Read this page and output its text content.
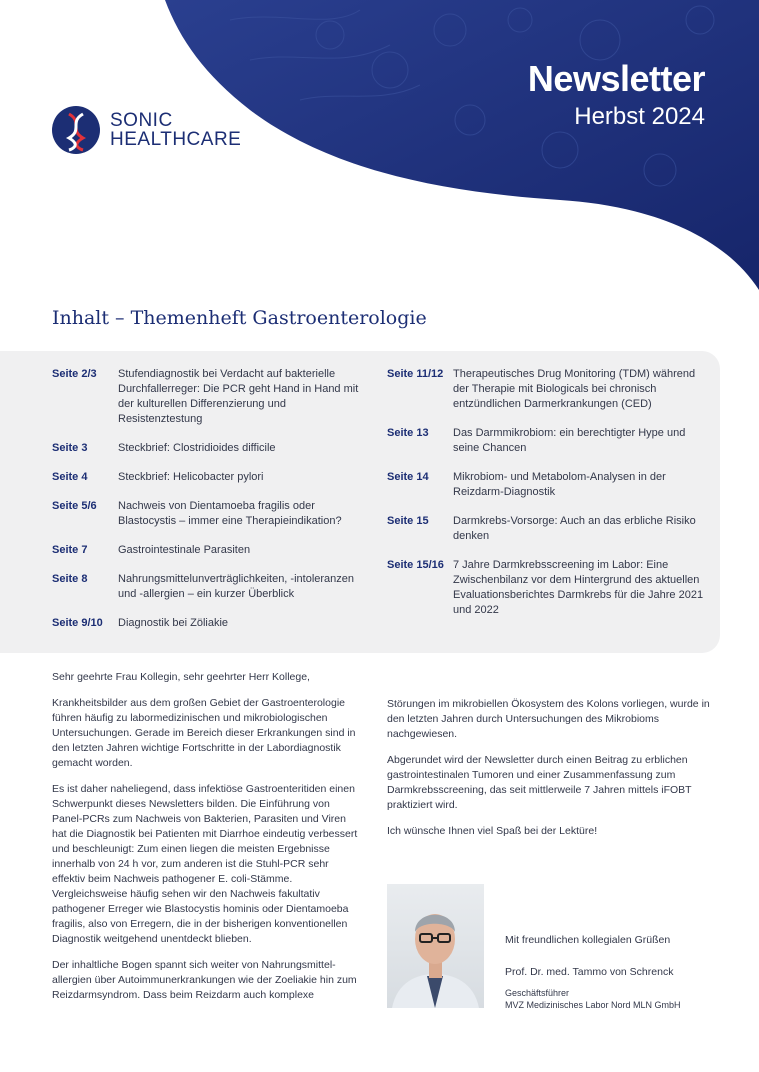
Newsletter
Herbst 2024
SONIC
HEALTHCARE
Inhalt – Themenheft Gastroenterologie
Seite 2/3	Stufendiagnostik bei Verdacht auf bakterielle Durchfallerreger: Die PCR geht Hand in Hand mit der kulturellen Differenzierung und Resistenztestung
Seite 3	Steckbrief: Clostridioides difficile
Seite 4	Steckbrief: Helicobacter pylori
Seite 5/6	Nachweis von Dientamoeba fragilis oder Blastocystis – immer eine Therapieindikation?
Seite 7	Gastrointestinale Parasiten
Seite 8	Nahrungsmittelunverträglichkeiten, -intoleranzen und -allergien – ein kurzer Überblick
Seite 9/10	Diagnostik bei Zöliakie
Seite 11/12 Therapeutisches Drug Monitoring (TDM) während der Therapie mit Biologicals bei chronisch entzündlichen Darmerkrankungen (CED)
Seite 13	Das Darmmikrobiom: ein berechtigter Hype und seine Chancen
Seite 14	Mikrobiom- und Metabolom-Analysen in der Reizdarm-Diagnostik
Seite 15	Darmkrebs-Vorsorge: Auch an das erbliche Risiko denken
Seite 15/16 7 Jahre Darmkrebsscreening im Labor: Eine Zwischenbilanz vor dem Hintergrund des aktuellen Evaluationsberichtes Darmkrebs für die Jahre 2021 und 2022

Sehr geehrte Frau Kollegin, sehr geehrter Herr Kollege,

Krankheitsbilder aus dem großen Gebiet der Gastroenterologie führen häufig zu labormedizinischen und mikrobiologischen Untersuchungen. Gerade im Bereich dieser Erkrankungen sind in den letzten Jahren wichtige Fortschritte in der Labordiagnostik gemacht worden.

Es ist daher naheliegend, dass infektiöse Gastroenteritiden einen Schwerpunkt dieses Newsletters bilden. Die Einführung von Panel-PCRs zum Nachweis von Bakterien, Parasiten und Viren hat die Diagnostik bei Patienten mit Diarrhoe eindeutig verbessert und beschleunigt: Zum einen liegen die meisten Ergebnisse innerhalb von 24 h vor, zum anderen ist die Stuhl-PCR sehr effektiv beim Nachweis pathogener E. coli-Stämme. Vergleichsweise häufig sehen wir den Nachweis fakultativ pathogener Erreger wie Blastocystis hominis oder Dientamoeba fragilis, also von Erregern, die in der bisherigen konventionellen Diagnostik weitgehend unentdeckt blieben.

Der inhaltliche Bogen spannt sich weiter von Nahrungsmittel-allergien über Autoimmunerkrankungen wie der Zoeliakie hin zum Reizdarmsyndrom. Dass beim Reizdarm auch komplexe

Störungen im mikrobiellen Ökosystem des Kolons vorliegen, wurde in den letzten Jahren durch Untersuchungen des Mikrobioms nachgewiesen.

Abgerundet wird der Newsletter durch einen Beitrag zu erblichen gastrointestinalen Tumoren und einer Zusammenfassung zum Darmkrebsscreening, das seit mittlerweile 7 Jahren mittels iFOBT praktiziert wird.

Ich wünsche Ihnen viel Spaß bei der Lektüre!

Mit freundlichen kollegialen Grüßen
Prof. Dr. med. Tammo von Schrenck
Geschäftsführer
MVZ Medizinisches Labor Nord MLN GmbH
